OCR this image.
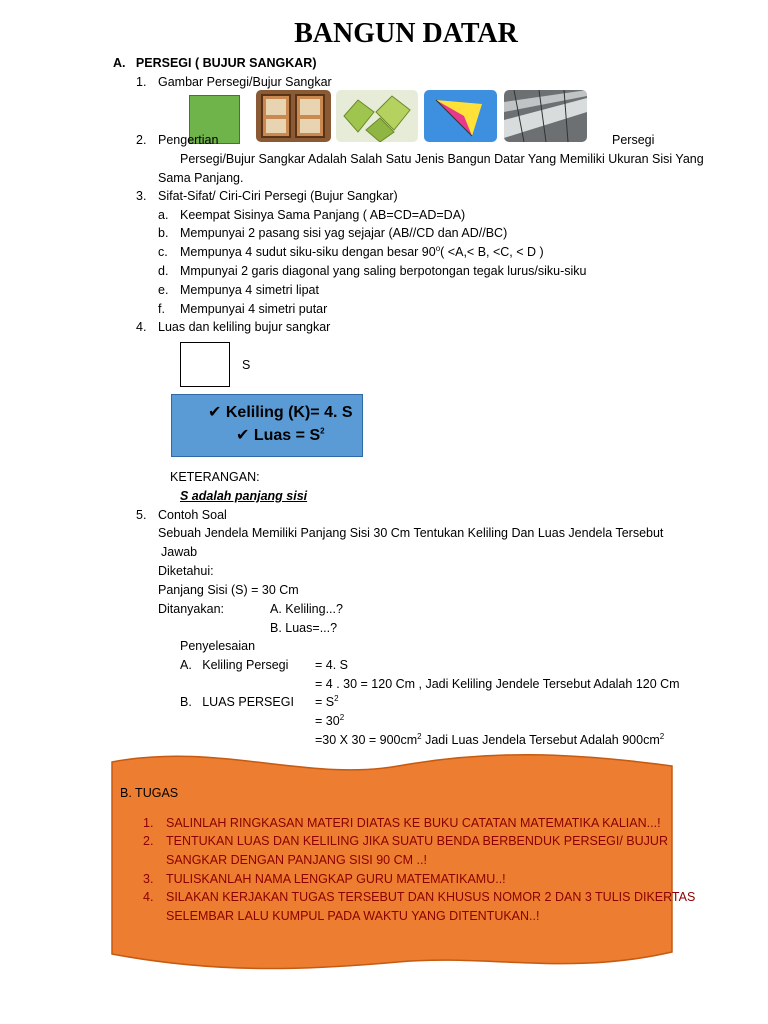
BANGUN DATAR
A.   PERSEGI ( BUJUR SANGKAR)
1. Gambar Persegi/Bujur Sangkar
2. Pengertian	Persegi
Persegi/Bujur Sangkar Adalah Salah Satu Jenis Bangun Datar Yang Memiliki Ukuran Sisi Yang
Sama Panjang.
3. Sifat-Sifat/ Ciri-Ciri Persegi (Bujur Sangkar)
a. Keempat Sisinya Sama Panjang ( AB=CD=AD=DA)
b. Mempunyai 2 pasang sisi yag sejajar (AB//CD dan AD//BC)
c. Mempunya 4 sudut siku-siku dengan besar $90^o( <A,< B$, <C, < D )
d. Mmpunyai 2 garis diagonal yang saling berpotongan tegak lurus/siku-siku
e. Mempunya 4 simetri lipat
f. Mempunyai 4 simetri putar
4. Luas dan keliling bujur sangkar
S
✔ Keliling (K)= 4. S
✔ Luas = $S^2$
KETERANGAN:
S adalah panjang sisi
5. Contoh Soal
Sebuah Jendela Memiliki Panjang Sisi 30 Cm Tentukan Keliling Dan Luas Jendela Tersebut
Jawab
Diketahui:
Panjang Sisi (S) = 30 Cm
Ditanyakan:	A. Keliling...?
B. Luas=...?
Penyelesaian
A.   Keliling Persegi = 4. S
= 4 . 30 = 120 Cm , Jadi Keliling Jendele Tersebut Adalah 120 Cm
B.   LUAS PERSEGI = $S^2$
= $30^2$
=30 X $30 = 900cm^2$ Jadi Luas Jendela Tersebut Adalah $900cm^2$
B. TUGAS
1. SALINLAH RINGKASAN MATERI DIATAS KE BUKU CATATAN MATEMATIKA KALIAN...!
2. TENTUKAN LUAS DAN KELILING JIKA SUATU BENDA BERBENDUK PERSEGI/ BUJUR
SANGKAR DENGAN PANJANG SISI 90 CM ..!
3. TULISKANLAH NAMA LENGKAP GURU MATEMATIKAMU..!
4. SILAKAN KERJAKAN TUGAS TERSEBUT DAN KHUSUS NOMOR 2 DAN 3 TULIS DIKERTAS
SELEMBAR LALU KUMPUL PADA WAKTU YANG DITENTUKAN..!
